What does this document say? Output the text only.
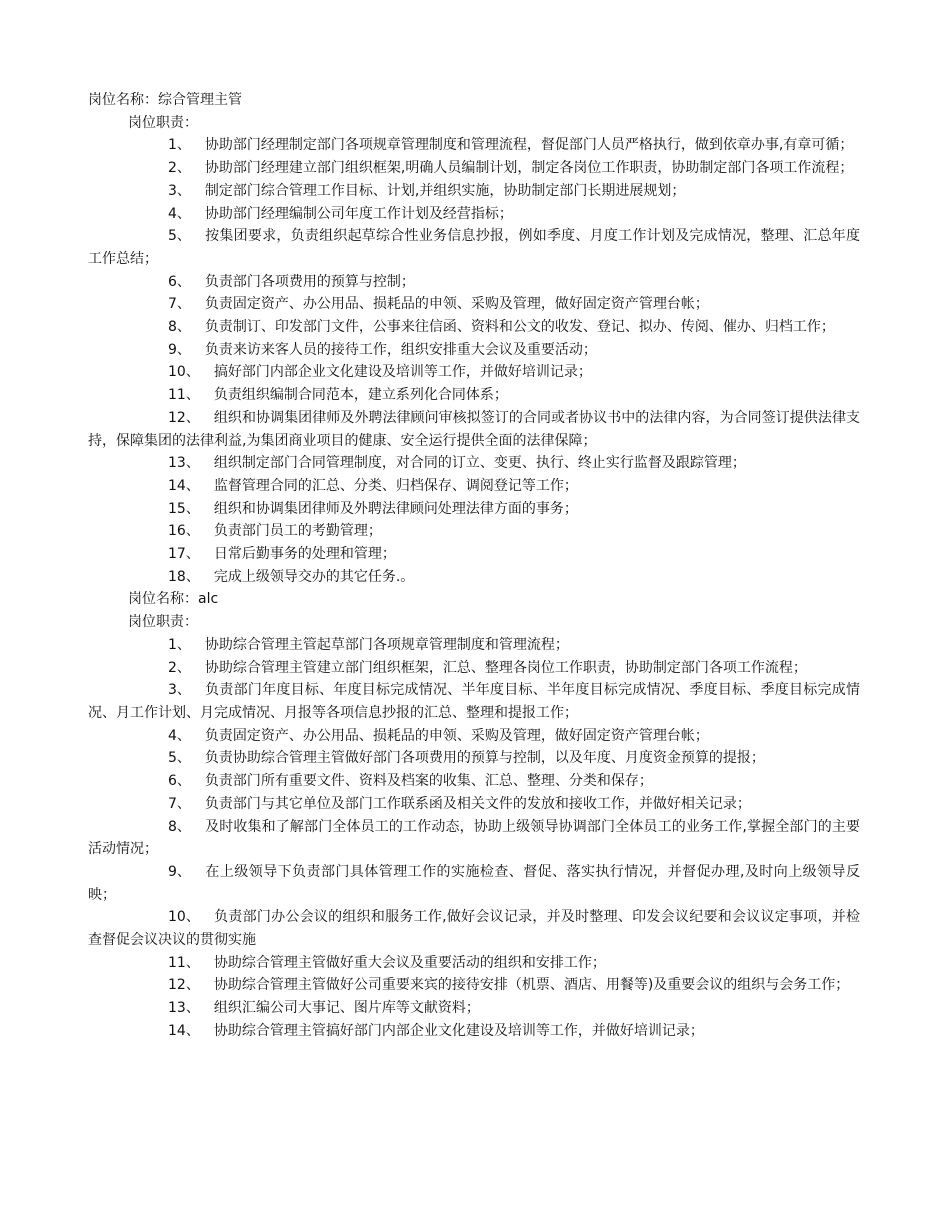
岗位名称：综合管理主管

岗位职责：

1、 协助部门经理制定部门各项规章管理制度和管理流程，督促部门人员严格执行，做到依章办事,有章可循；

2、 协助部门经理建立部门组织框架,明确人员编制计划，制定各岗位工作职责，协助制定部门各项工作流程；

3、 制定部门综合管理工作目标、计划,并组织实施，协助制定部门长期进展规划；

4、 协助部门经理编制公司年度工作计划及经营指标；

5、 按集团要求，负责组织起草综合性业务信息抄报，例如季度、月度工作计划及完成情况，整理、汇总年度工作总结；

6、 负责部门各项费用的预算与控制；

7、 负责固定资产、办公用品、损耗品的申领、采购及管理，做好固定资产管理台帐；

8、 负责制订、印发部门文件，公事来往信函、资料和公文的收发、登记、拟办、传阅、催办、归档工作；

9、 负责来访来客人员的接待工作，组织安排重大会议及重要活动；

10、 搞好部门内部企业文化建设及培训等工作，并做好培训记录；

11、 负责组织编制合同范本，建立系列化合同体系；

12、 组织和协调集团律师及外聘法律顾问审核拟签订的合同或者协议书中的法律内容，为合同签订提供法律支持，保障集团的法律利益,为集团商业项目的健康、安全运行提供全面的法律保障；

13、 组织制定部门合同管理制度，对合同的订立、变更、执行、终止实行监督及跟踪管理；

14、 监督管理合同的汇总、分类、归档保存、调阅登记等工作；

15、 组织和协调集团律师及外聘法律顾问处理法律方面的事务；

16、 负责部门员工的考勤管理；

17、 日常后勤事务的处理和管理；

18、 完成上级领导交办的其它任务.。

岗位名称：alc

岗位职责：

1、 协助综合管理主管起草部门各项规章管理制度和管理流程；

2、 协助综合管理主管建立部门组织框架，汇总、整理各岗位工作职责，协助制定部门各项工作流程；

3、 负责部门年度目标、年度目标完成情况、半年度目标、半年度目标完成情况、季度目标、季度目标完成情况、月工作计划、月完成情况、月报等各项信息抄报的汇总、整理和提报工作；

4、 负责固定资产、办公用品、损耗品的申领、采购及管理，做好固定资产管理台帐；

5、 负责协助综合管理主管做好部门各项费用的预算与控制，以及年度、月度资金预算的提报；

6、 负责部门所有重要文件、资料及档案的收集、汇总、整理、分类和保存；

7、 负责部门与其它单位及部门工作联系函及相关文件的发放和接收工作，并做好相关记录；

8、 及时收集和了解部门全体员工的工作动态，协助上级领导协调部门全体员工的业务工作,掌握全部门的主要活动情况；

9、 在上级领导下负责部门具体管理工作的实施检查、督促、落实执行情况，并督促办理,及时向上级领导反映；

10、 负责部门办公会议的组织和服务工作,做好会议记录，并及时整理、印发会议纪要和会议议定事项，并检查督促会议决议的贯彻实施

11、 协助综合管理主管做好重大会议及重要活动的组织和安排工作；

12、 协助综合管理主管做好公司重要来宾的接待安排（机票、酒店、用餐等)及重要会议的组织与会务工作；

13、 组织汇编公司大事记、图片库等文献资料；

14、 协助综合管理主管搞好部门内部企业文化建设及培训等工作，并做好培训记录；
